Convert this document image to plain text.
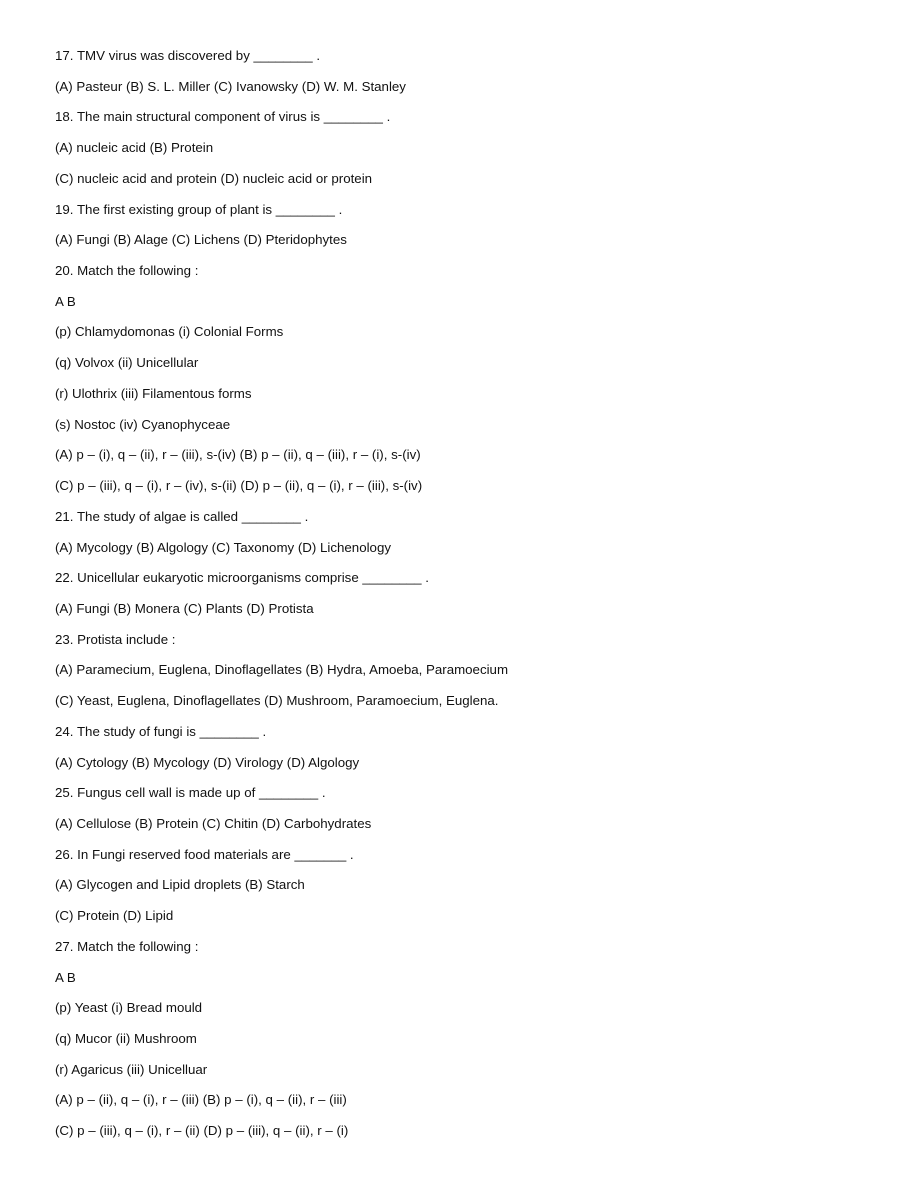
17. TMV virus was discovered by ________ .
(A) Pasteur (B) S. L. Miller (C) Ivanowsky (D) W. M. Stanley
18. The main structural component of virus is ________ .
(A) nucleic acid (B) Protein
(C) nucleic acid and protein (D) nucleic acid or protein
19. The first existing group of plant is ________ .
(A) Fungi (B) Alage (C) Lichens (D) Pteridophytes
20. Match the following :
A B
(p) Chlamydomonas (i) Colonial Forms
(q) Volvox (ii) Unicellular
(r) Ulothrix (iii) Filamentous forms
(s) Nostoc (iv) Cyanophyceae
(A) p – (i), q – (ii), r – (iii), s-(iv) (B) p – (ii), q – (iii), r – (i), s-(iv)
(C) p – (iii), q – (i), r – (iv), s-(ii) (D) p – (ii), q – (i), r – (iii), s-(iv)
21. The study of algae is called ________ .
(A) Mycology (B) Algology (C) Taxonomy (D) Lichenology
22. Unicellular eukaryotic microorganisms comprise ________ .
(A) Fungi (B) Monera (C) Plants (D) Protista
23. Protista include :
(A) Paramecium, Euglena, Dinoflagellates (B) Hydra, Amoeba, Paramoecium
(C) Yeast, Euglena, Dinoflagellates (D) Mushroom, Paramoecium, Euglena.
24. The study of fungi is ________ .
(A) Cytology (B) Mycology (D) Virology (D) Algology
25. Fungus cell wall is made up of ________ .
(A) Cellulose (B) Protein (C) Chitin (D) Carbohydrates
26. In Fungi reserved food materials are _______ .
(A) Glycogen and Lipid droplets (B) Starch
(C) Protein (D) Lipid
27. Match the following :
A B
(p) Yeast (i) Bread mould
(q) Mucor (ii) Mushroom
(r) Agaricus (iii) Unicelluar
(A) p – (ii), q – (i), r – (iii) (B) p – (i), q – (ii), r – (iii)
(C) p – (iii), q – (i), r – (ii) (D) p – (iii), q – (ii), r – (i)
